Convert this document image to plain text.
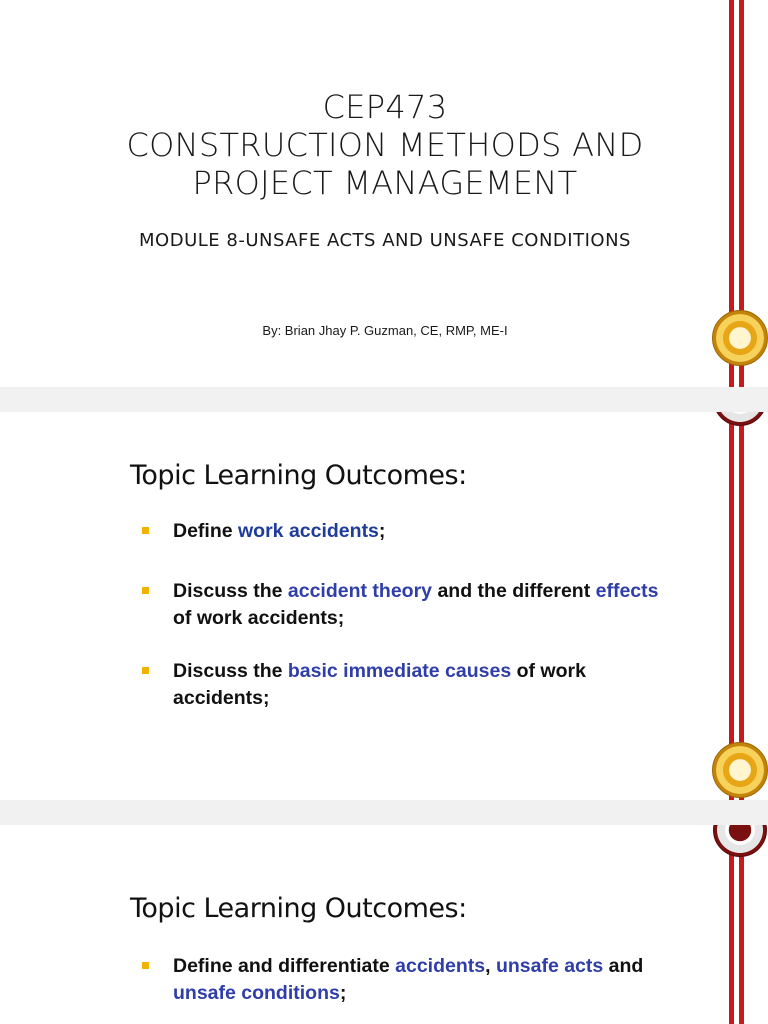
CEP473
CONSTRUCTION METHODS AND
PROJECT MANAGEMENT
MODULE 8-UNSAFE ACTS AND UNSAFE CONDITIONS
By: Brian Jhay P. Guzman, CE, RMP, ME-I
Topic Learning Outcomes:
Define work accidents;
Discuss the accident theory and the different effects of work accidents;
Discuss the basic immediate causes of work accidents;
Topic Learning Outcomes:
Define and differentiate accidents, unsafe acts and unsafe conditions;
